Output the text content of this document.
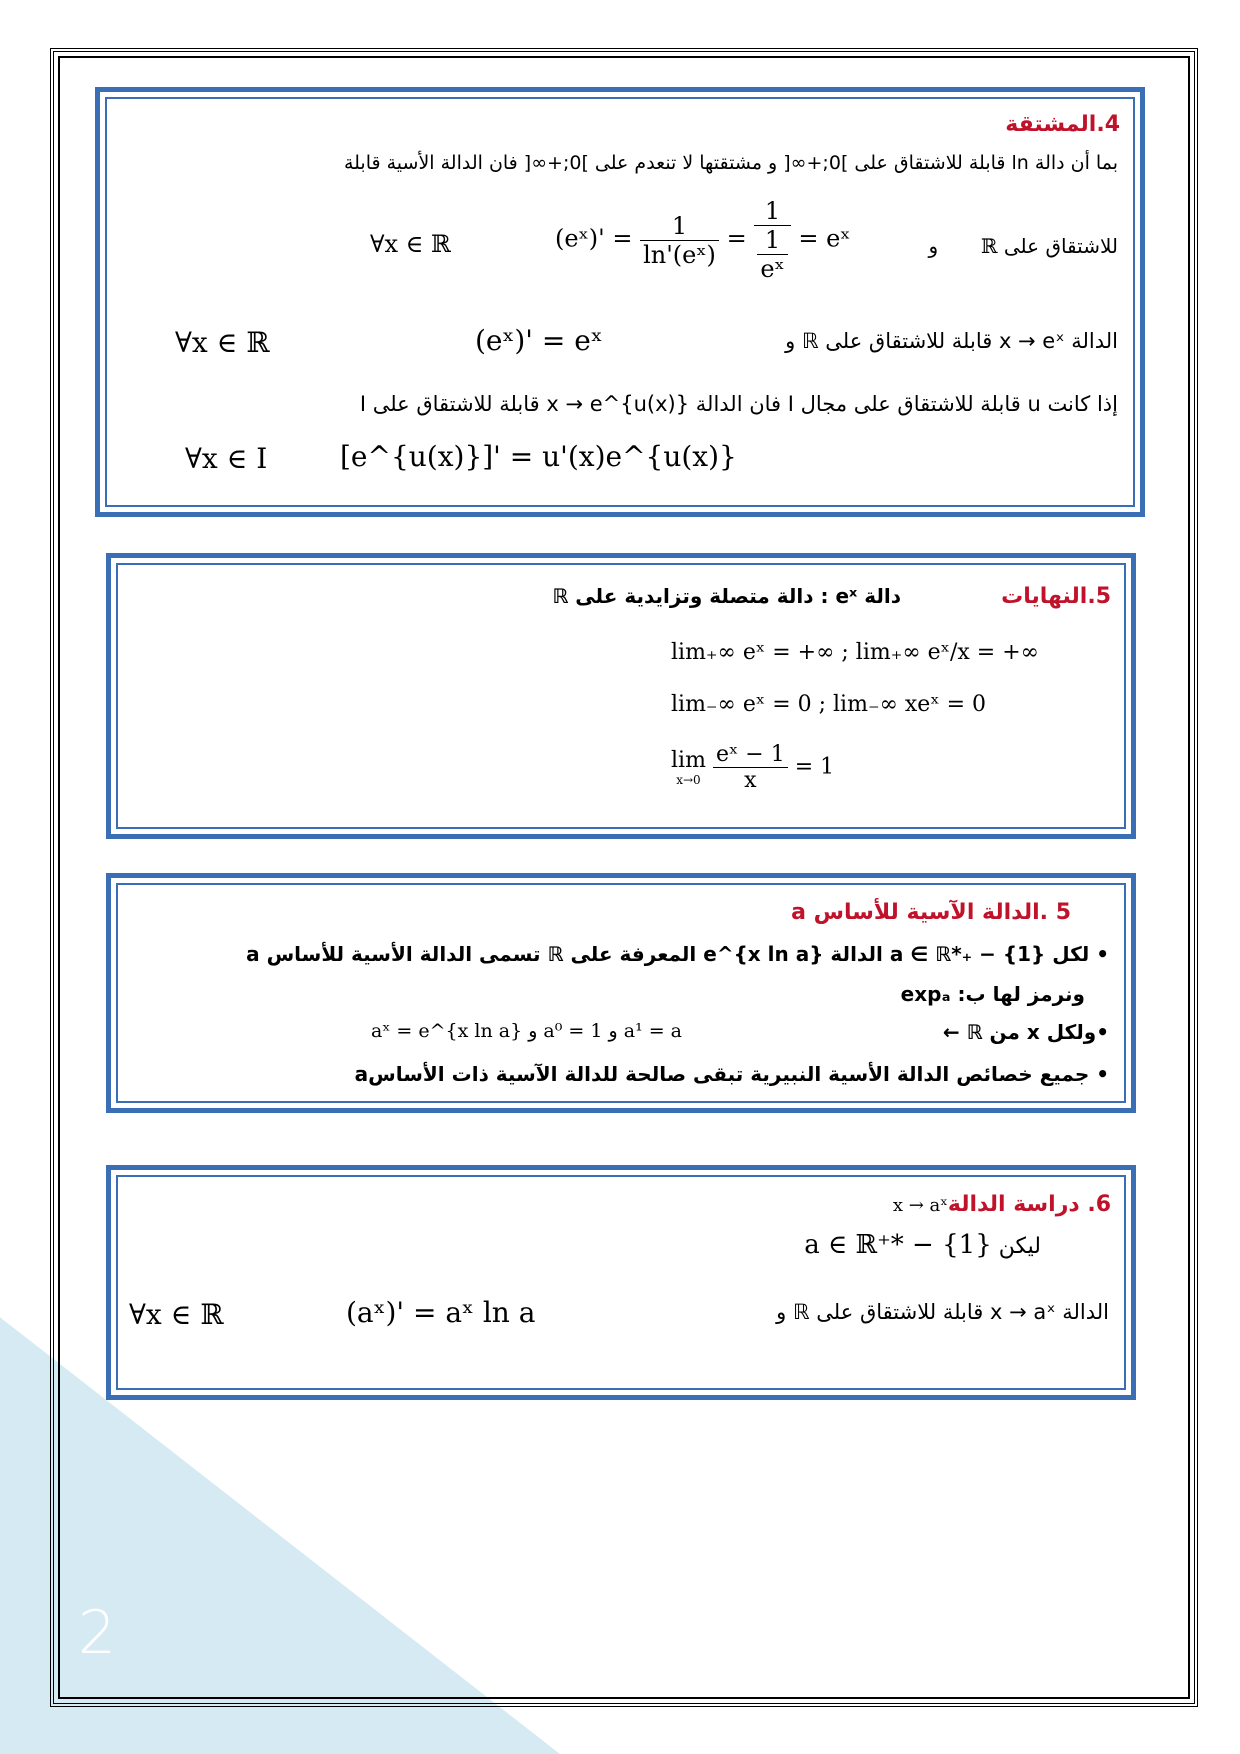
2
4.المشتقة
بما أن دالة ln قابلة للاشتقاق على ]0;+∞[ و مشتقتها لا تنعدم على ]0;+∞[ فان الدالة الأسية قابلة
للاشتقاق على ℝ  و
(eˣ)' = $\frac{1}{\text{ln'(eˣ)}} = \frac{1}{\frac{1}{\text{eˣ}}}$ = eˣ
∀x ∈ ℝ
الدالة x → eˣ قابلة للاشتقاق على ℝ و
(eˣ)' = eˣ
∀x ∈ ℝ
إذا كانت u قابلة للاشتقاق على مجال I فان الدالة x → e^{u(x)} قابلة للاشتقاق على I
[e^{u(x)}]' = u'(x)e^{u(x)}
∀x ∈ I
5.النهايات
دالة eˣ : دالة متصلة وتزايدية على ℝ
lim₊∞ eˣ = +∞ ; lim₊∞ eˣ/x = +∞
lim₋∞ eˣ = 0 ; lim₋∞ xeˣ = 0
lim
x→0
$\frac{\text{eˣ − 1}}{x} = 1$
5 .الدالة الآسية للأساس a
• لكل a ∈ ℝ*₊ − {1} الدالة e^{x ln a} المعرفة على ℝ تسمى الدالة الأسية للأساس a
ونرمز لها ب: expₐ
•ولكل x من ℝ ←
aˣ = e^{x ln a} و a⁰ = 1 و a¹ = a
• جميع خصائص الدالة الأسية النبيرية تبقى صالحة للدالة الآسية ذات الأساسa
6. دراسة الدالةx → aˣ
ليكن a ∈ ℝ⁺* − {1}
الدالة x → aˣ قابلة للاشتقاق على ℝ و
(aˣ)' = aˣ ln a
∀x ∈ ℝ
